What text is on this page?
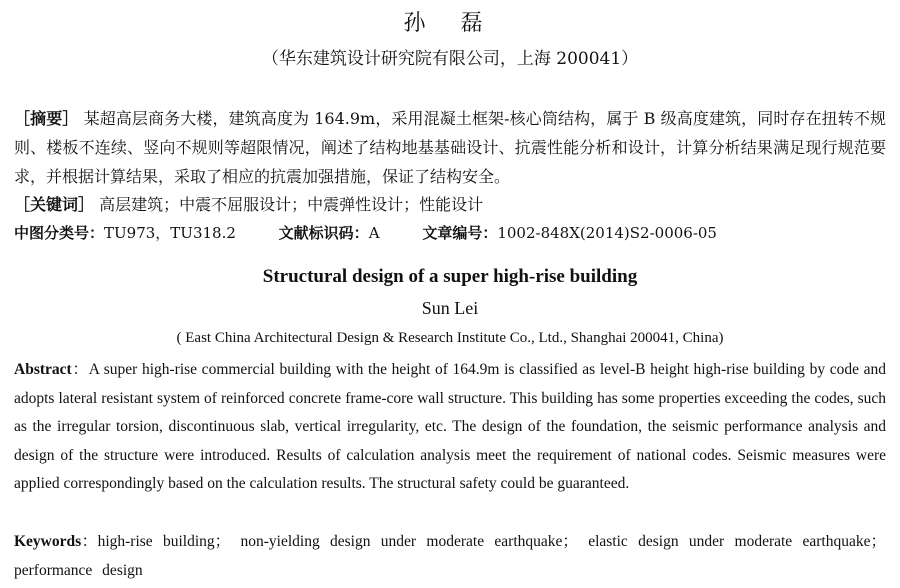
孙 磊
（华东建筑设计研究院有限公司，上海 200041）
［摘要］ 某超高层商务大楼，建筑高度为 164.9m，采用混凝土框架-核心筒结构，属于 B 级高度建筑，同时存在扭转不规则、楼板不连续、竖向不规则等超限情况，阐述了结构地基基础设计、抗震性能分析和设计，计算分析结果满足现行规范要求，并根据计算结果，采取了相应的抗震加强措施，保证了结构安全。
［关键词］ 高层建筑；中震不屈服设计；中震弹性设计；性能设计
中图分类号：TU973，TU318.2	文献标识码：A	文章编号：1002-848X(2014)S2-0006-05
Structural design of a super high-rise building
Sun Lei
( East China Architectural Design & Research Institute Co., Ltd., Shanghai 200041, China)
Abstract：A super high-rise commercial building with the height of 164.9m is classified as level-B height high-rise building by code and adopts lateral resistant system of reinforced concrete frame-core wall structure. This building has some properties exceeding the codes, such as the irregular torsion, discontinuous slab, vertical irregularity, etc. The design of the foundation, the seismic performance analysis and design of the structure were introduced. Results of calculation analysis meet the requirement of national codes. Seismic measures were applied correspondingly based on the calculation results. The structural safety could be guaranteed.
Keywords：high-rise building； non-yielding design under moderate earthquake； elastic design under moderate earthquake； performance design
